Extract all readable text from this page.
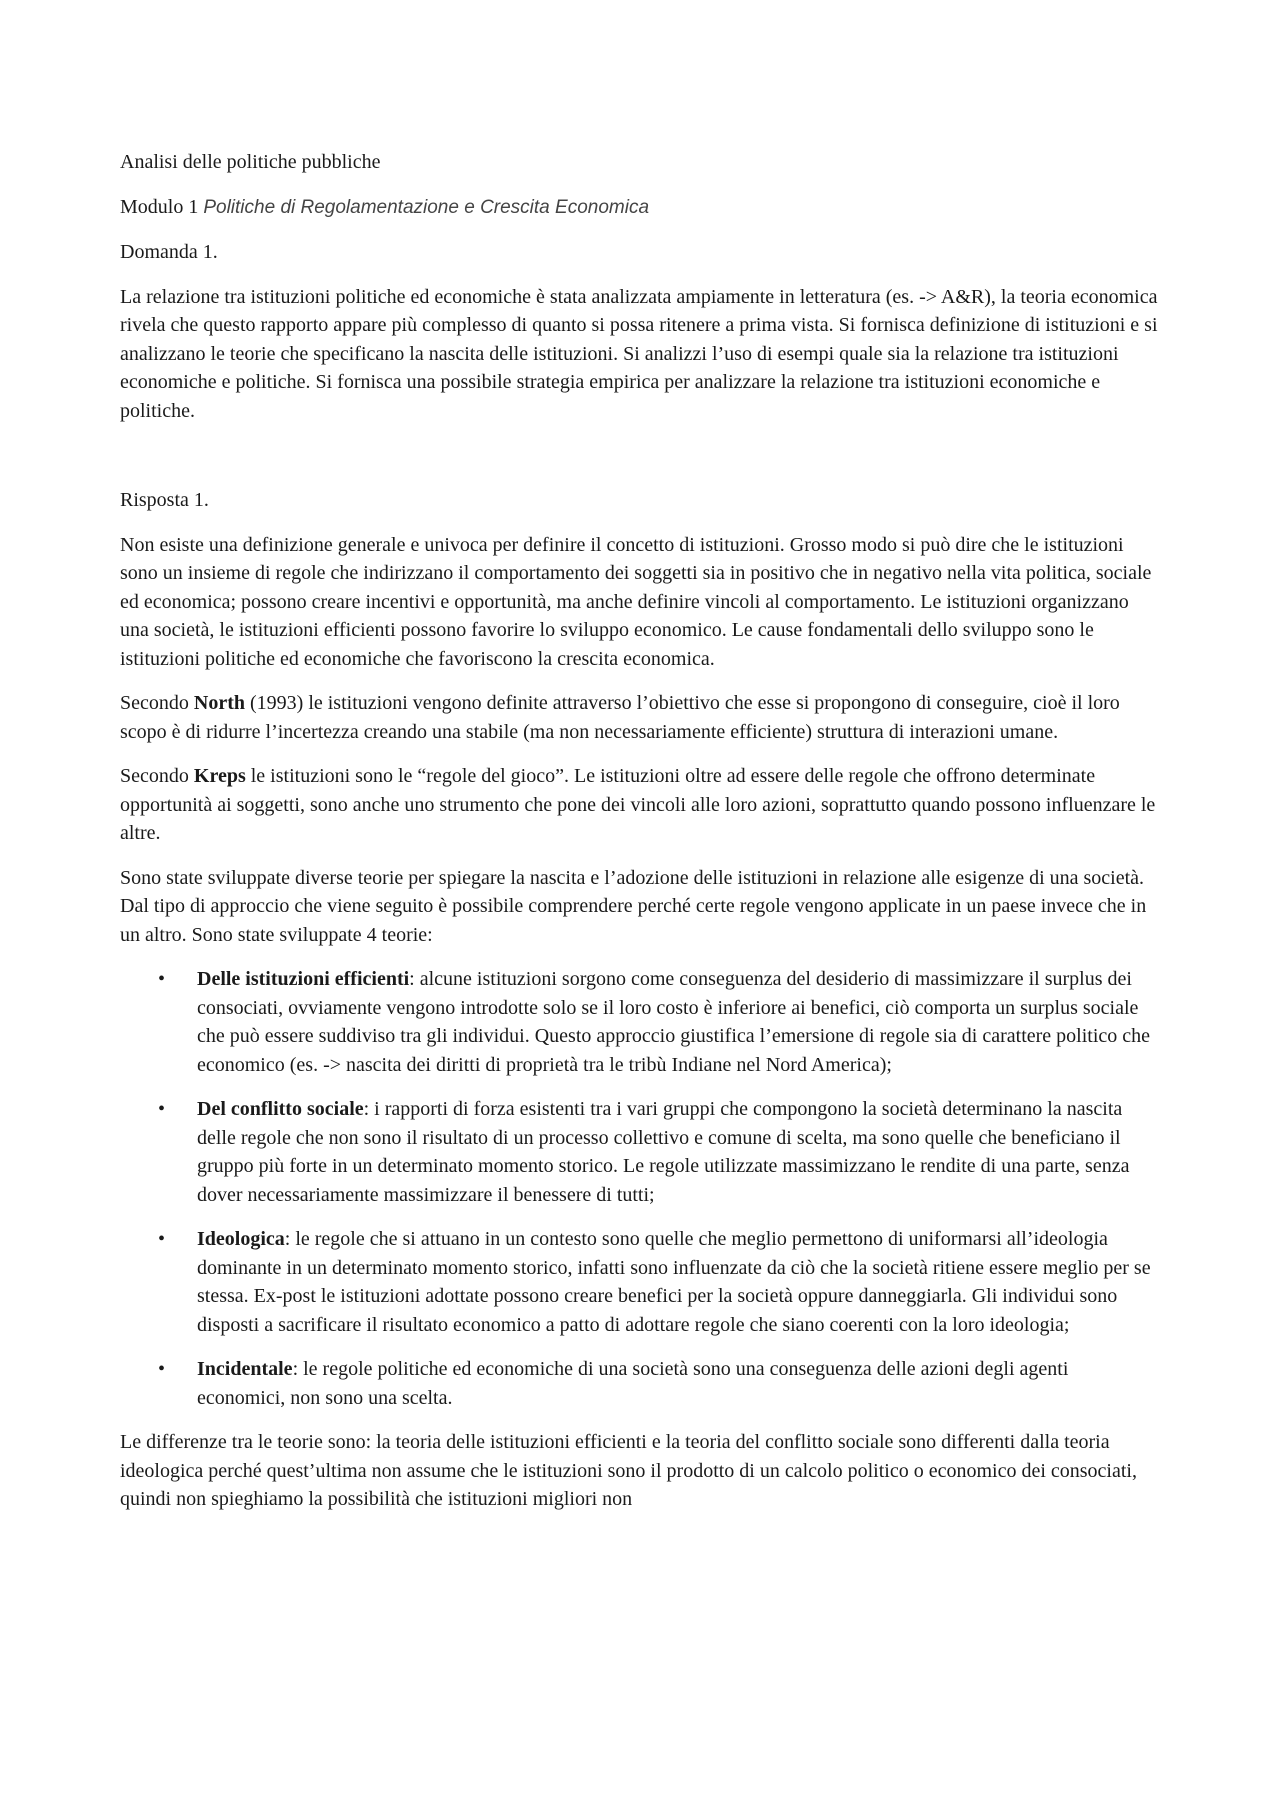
Analisi delle politiche pubbliche

Modulo 1 Politiche di Regolamentazione e Crescita Economica

Domanda 1.

La relazione tra istituzioni politiche ed economiche è stata analizzata ampiamente in letteratura (es. -> A&R), la teoria economica rivela che questo rapporto appare più complesso di quanto si possa ritenere a prima vista. Si fornisca definizione di istituzioni e si analizzano le teorie che specificano la nascita delle istituzioni. Si analizzi l’uso di esempi quale sia la relazione tra istituzioni economiche e politiche. Si fornisca una possibile strategia empirica per analizzare la relazione tra istituzioni economiche e politiche.

Risposta 1.

Non esiste una definizione generale e univoca per definire il concetto di istituzioni. Grosso modo si può dire che le istituzioni sono un insieme di regole che indirizzano il comportamento dei soggetti sia in positivo che in negativo nella vita politica, sociale ed economica; possono creare incentivi e opportunità, ma anche definire vincoli al comportamento. Le istituzioni organizzano una società, le istituzioni efficienti possono favorire lo sviluppo economico. Le cause fondamentali dello sviluppo sono le istituzioni politiche ed economiche che favoriscono la crescita economica.

Secondo North (1993) le istituzioni vengono definite attraverso l’obiettivo che esse si propongono di conseguire, cioè il loro scopo è di ridurre l’incertezza creando una stabile (ma non necessariamente efficiente) struttura di interazioni umane.

Secondo Kreps le istituzioni sono le “regole del gioco”. Le istituzioni oltre ad essere delle regole che offrono determinate opportunità ai soggetti, sono anche uno strumento che pone dei vincoli alle loro azioni, soprattutto quando possono influenzare le altre.

Sono state sviluppate diverse teorie per spiegare la nascita e l’adozione delle istituzioni in relazione alle esigenze di una società. Dal tipo di approccio che viene seguito è possibile comprendere perché certe regole vengono applicate in un paese invece che in un altro. Sono state sviluppate 4 teorie:

• Delle istituzioni efficienti: alcune istituzioni sorgono come conseguenza del desiderio di massimizzare il surplus dei consociati, ovviamente vengono introdotte solo se il loro costo è inferiore ai benefici, ciò comporta un surplus sociale che può essere suddiviso tra gli individui. Questo approccio giustifica l’emersione di regole sia di carattere politico che economico (es. -> nascita dei diritti di proprietà tra le tribù Indiane nel Nord America);
• Del conflitto sociale: i rapporti di forza esistenti tra i vari gruppi che compongono la società determinano la nascita delle regole che non sono il risultato di un processo collettivo e comune di scelta, ma sono quelle che beneficiano il gruppo più forte in un determinato momento storico. Le regole utilizzate massimizzano le rendite di una parte, senza dover necessariamente massimizzare il benessere di tutti;
• Ideologica: le regole che si attuano in un contesto sono quelle che meglio permettono di uniformarsi all’ideologia dominante in un determinato momento storico, infatti sono influenzate da ciò che la società ritiene essere meglio per se stessa. Ex-post le istituzioni adottate possono creare benefici per la società oppure danneggiarla. Gli individui sono disposti a sacrificare il risultato economico a patto di adottare regole che siano coerenti con la loro ideologia;
• Incidentale: le regole politiche ed economiche di una società sono una conseguenza delle azioni degli agenti economici, non sono una scelta.

Le differenze tra le teorie sono: la teoria delle istituzioni efficienti e la teoria del conflitto sociale sono differenti dalla teoria ideologica perché quest’ultima non assume che le istituzioni sono il prodotto di un calcolo politico o economico dei consociati, quindi non spieghiamo la possibilità che istituzioni migliori non
